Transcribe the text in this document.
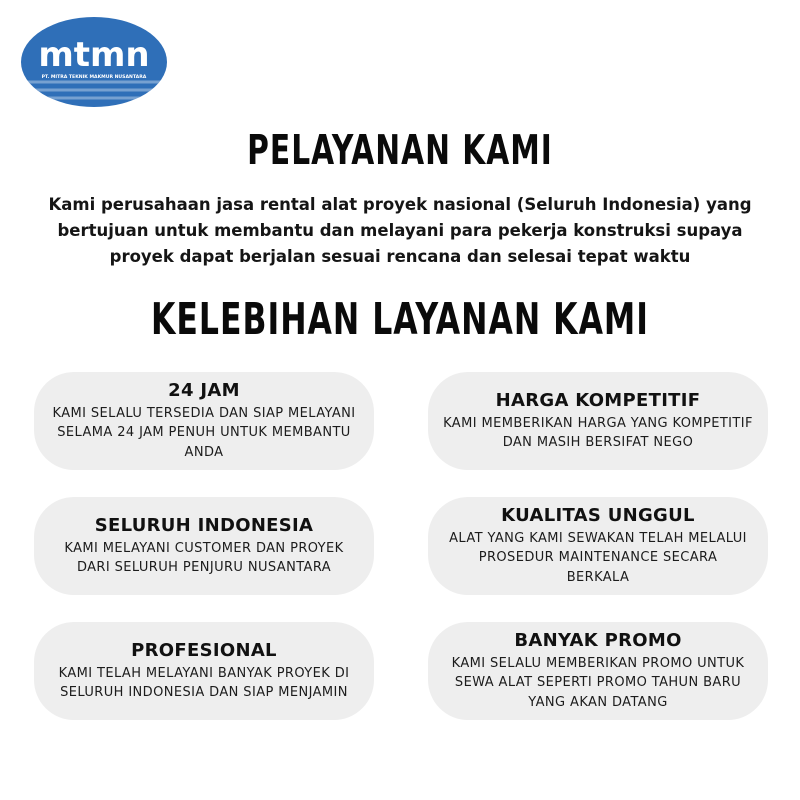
mtmn
PT. MITRA TEKNIK MAKMUR NUSANTARA
PELAYANAN KAMI
Kami perusahaan jasa rental alat proyek nasional (Seluruh Indonesia) yang
bertujuan untuk membantu dan melayani para pekerja konstruksi supaya
proyek dapat berjalan sesuai rencana dan selesai tepat waktu
KELEBIHAN LAYANAN KAMI
24 JAM
KAMI SELALU TERSEDIA DAN SIAP MELAYANI
SELAMA 24 JAM PENUH UNTUK MEMBANTU
ANDA
HARGA KOMPETITIF
KAMI MEMBERIKAN HARGA YANG KOMPETITIF
DAN MASIH BERSIFAT NEGO
SELURUH INDONESIA
KAMI MELAYANI CUSTOMER DAN PROYEK
DARI SELURUH PENJURU NUSANTARA
KUALITAS UNGGUL
ALAT YANG KAMI SEWAKAN TELAH MELALUI
PROSEDUR MAINTENANCE SECARA
BERKALA
PROFESIONAL
KAMI TELAH MELAYANI BANYAK PROYEK DI
SELURUH INDONESIA DAN SIAP MENJAMIN
BANYAK PROMO
KAMI SELALU MEMBERIKAN PROMO UNTUK
SEWA ALAT SEPERTI PROMO TAHUN BARU
YANG AKAN DATANG
